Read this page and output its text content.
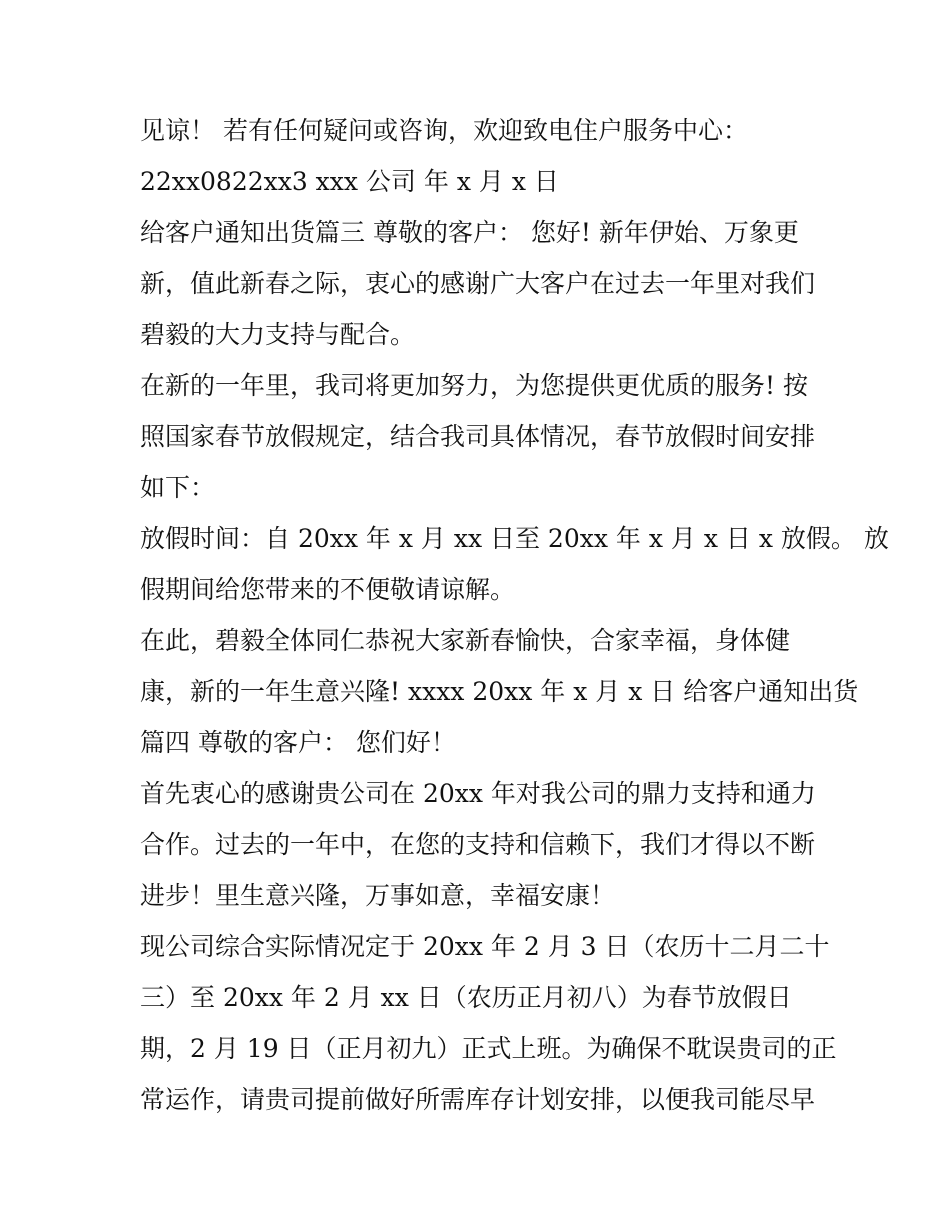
见谅！ 若有任何疑问或咨询，欢迎致电住户服务中心：
22xx0822xx3 xxx 公司 年 x 月 x 日
给客户通知出货篇三 尊敬的客户： 您好! 新年伊始、万象更
新，值此新春之际，衷心的感谢广大客户在过去一年里对我们
碧毅的大力支持与配合。
在新的一年里，我司将更加努力，为您提供更优质的服务! 按
照国家春节放假规定，结合我司具体情况，春节放假时间安排
如下：
放假时间：自 20xx 年 x 月 xx 日至 20xx 年 x 月 x 日 x 放假。 放
假期间给您带来的不便敬请谅解。
在此，碧毅全体同仁恭祝大家新春愉快，合家幸福，身体健
康，新的一年生意兴隆! xxxx 20xx 年 x 月 x 日 给客户通知出货
篇四 尊敬的客户： 您们好！
首先衷心的感谢贵公司在 20xx 年对我公司的鼎力支持和通力
合作。过去的一年中，在您的支持和信赖下，我们才得以不断
进步！里生意兴隆，万事如意，幸福安康！
现公司综合实际情况定于 20xx 年 2 月 3 日（农历十二月二十
三）至 20xx 年 2 月 xx 日（农历正月初八）为春节放假日
期，2 月 19 日（正月初九）正式上班。为确保不耽误贵司的正
常运作，请贵司提前做好所需库存计划安排，以便我司能尽早
